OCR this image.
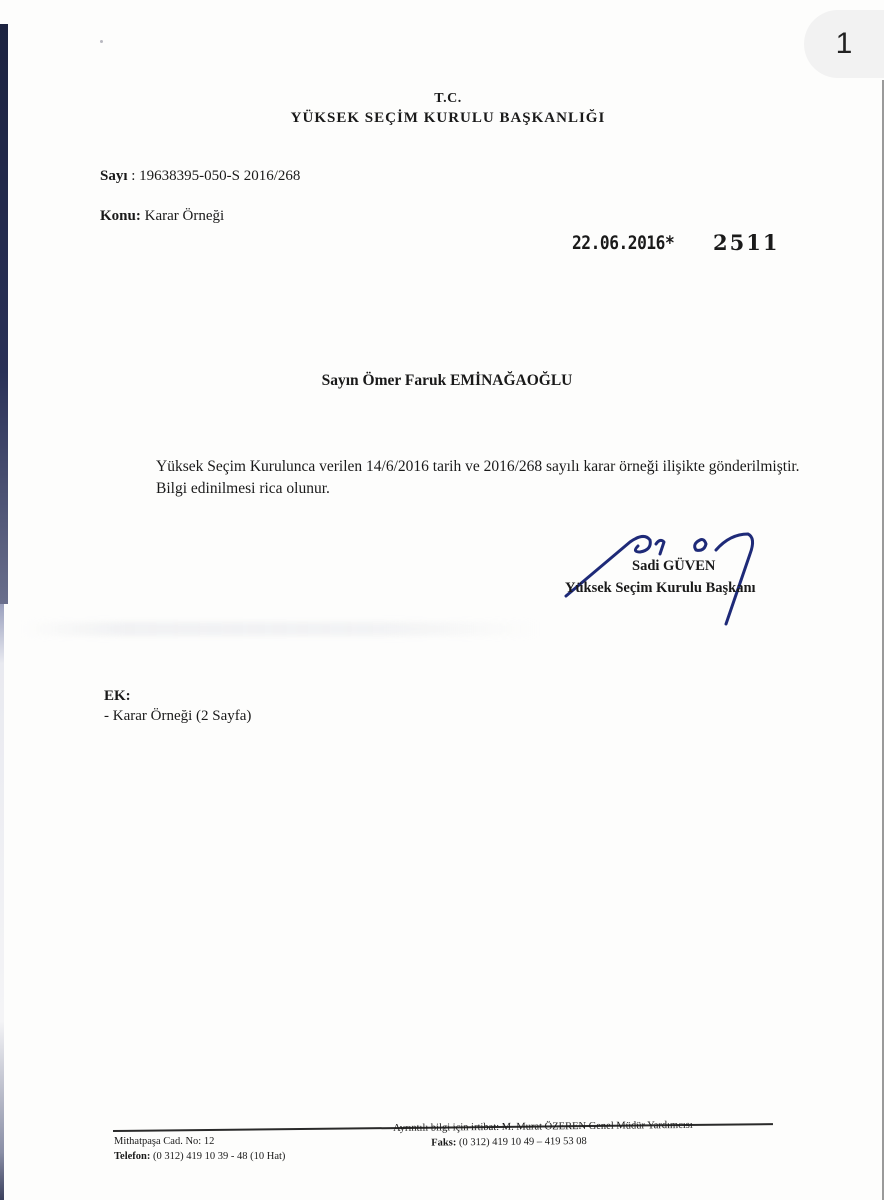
T.C.
YÜKSEK SEÇİM KURULU BAŞKANLIĞI
Sayı : 19638395-050-S 2016/268
Konu: Karar Örneği
22.06.2016* 2511
Sayın Ömer Faruk EMİNAĞAOĞLU
Yüksek Seçim Kurulunca verilen 14/6/2016 tarih ve 2016/268 sayılı karar örneği ilişikte gönderilmiştir.
Bilgi edinilmesi rica olunur.
Sadi GÜVEN
Yüksek Seçim Kurulu Başkanı
EK:
- Karar Örneği (2 Sayfa)
Mithatpaşa Cad. No: 12
Telefon: (0 312) 419 10 39 - 48 (10 Hat)
Ayrıntılı bilgi için irtibat: M. Murat ÖZEREN Genel Müdür Yardımcısı
Faks: (0 312) 419 10 49 – 419 53 08
1
